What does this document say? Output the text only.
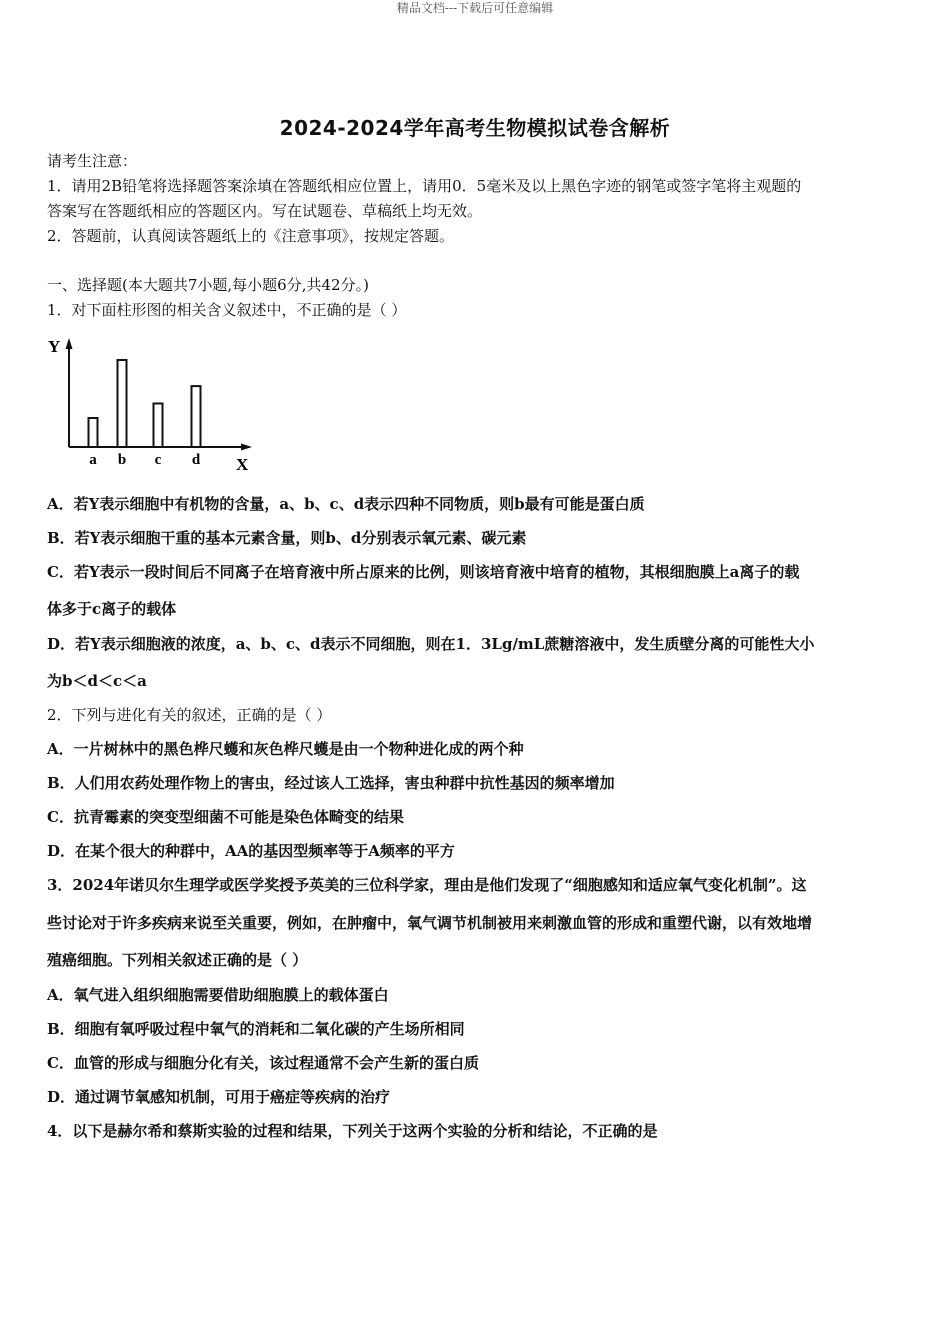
精品文档---下载后可任意编辑
2024-2024学年高考生物模拟试卷含解析
请考生注意：
1．请用2B铅笔将选择题答案涂填在答题纸相应位置上，请用0．5毫米及以上黑色字迹的钢笔或签字笔将主观题的
答案写在答题纸相应的答题区内。写在试题卷、草稿纸上均无效。
2．答题前，认真阅读答题纸上的《注意事项》，按规定答题。
一、选择题(本大题共7小题,每小题6分,共42分。)
1．对下面柱形图的相关含义叙述中，不正确的是（ ）
Y
X
a b c d
A．若Y表示细胞中有机物的含量，a、b、c、d表示四种不同物质，则b最有可能是蛋白质
B．若Y表示细胞干重的基本元素含量，则b、d分别表示氧元素、碳元素
C．若Y表示一段时间后不同离子在培育液中所占原来的比例，则该培育液中培育的植物，其根细胞膜上a离子的载
体多于c离子的载体
D．若Y表示细胞液的浓度，a、b、c、d表示不同细胞，则在1．3Lg/mL蔗糖溶液中，发生质壁分离的可能性大小
为b＜d＜c＜a
2．下列与进化有关的叙述，正确的是（ ）
A．一片树林中的黑色桦尺蠖和灰色桦尺蠖是由一个物种进化成的两个种
B．人们用农药处理作物上的害虫，经过该人工选择，害虫种群中抗性基因的频率增加
C．抗青霉素的突变型细菌不可能是染色体畸变的结果
D．在某个很大的种群中，AA的基因型频率等于A频率的平方
3．2024年诺贝尔生理学或医学奖授予英美的三位科学家，理由是他们发现了“细胞感知和适应氧气变化机制”。这
些讨论对于许多疾病来说至关重要，例如，在肿瘤中，氧气调节机制被用来刺激血管的形成和重塑代谢，以有效地增
殖癌细胞。下列相关叙述正确的是（ ）
A．氧气进入组织细胞需要借助细胞膜上的载体蛋白
B．细胞有氧呼吸过程中氧气的消耗和二氧化碳的产生场所相同
C．血管的形成与细胞分化有关，该过程通常不会产生新的蛋白质
D．通过调节氧感知机制，可用于癌症等疾病的治疗
4．以下是赫尔希和蔡斯实验的过程和结果，下列关于这两个实验的分析和结论，不正确的是
